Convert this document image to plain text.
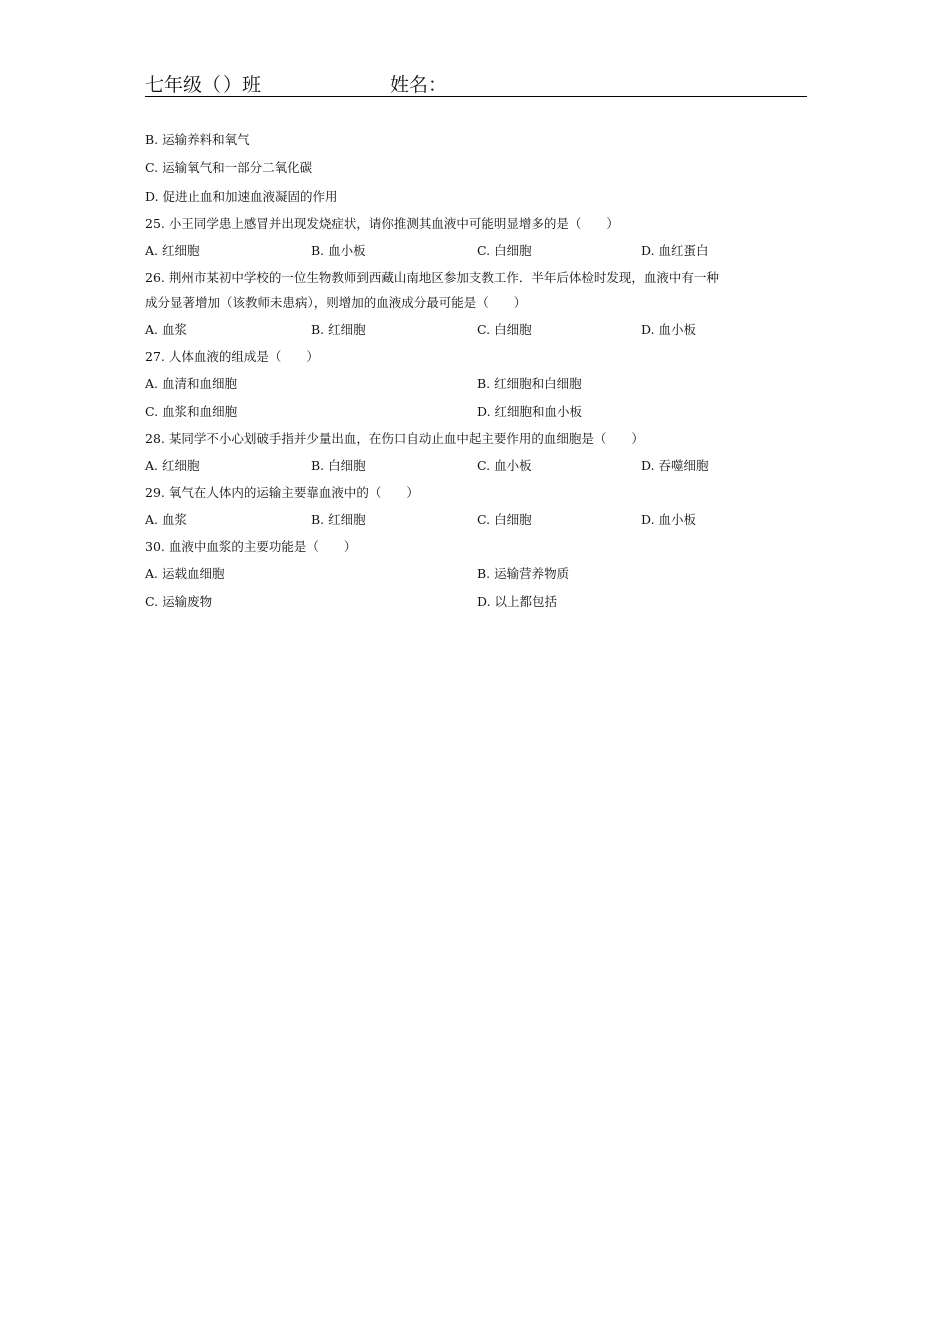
七年级（ ）班	姓名：
B. 运输养料和氧气
C. 运输氧气和一部分二氧化碳
D. 促进止血和加速血液凝固的作用
25. 小王同学患上感冒并出现发烧症状，请你推测其血液中可能明显增多的是（　　）
A. 红细胞	B. 血小板	C. 白细胞	D. 血红蛋白
26. 荆州市某初中学校的一位生物教师到西藏山南地区参加支教工作．半年后体检时发现，血液中有一种
成分显著增加（该教师未患病），则增加的血液成分最可能是（　　）
A. 血浆	B. 红细胞	C. 白细胞	D. 血小板
27. 人体血液的组成是（　　）
A. 血清和血细胞	B. 红细胞和白细胞
C. 血浆和血细胞	D. 红细胞和血小板
28. 某同学不小心划破手指并少量出血，在伤口自动止血中起主要作用的血细胞是（　　）
A. 红细胞	B. 白细胞	C. 血小板	D. 吞噬细胞
29. 氧气在人体内的运输主要靠血液中的（　　）
A. 血浆	B. 红细胞	C. 白细胞	D. 血小板
30. 血液中血浆的主要功能是（　　）
A. 运载血细胞	B. 运输营养物质
C. 运输废物	D. 以上都包括
